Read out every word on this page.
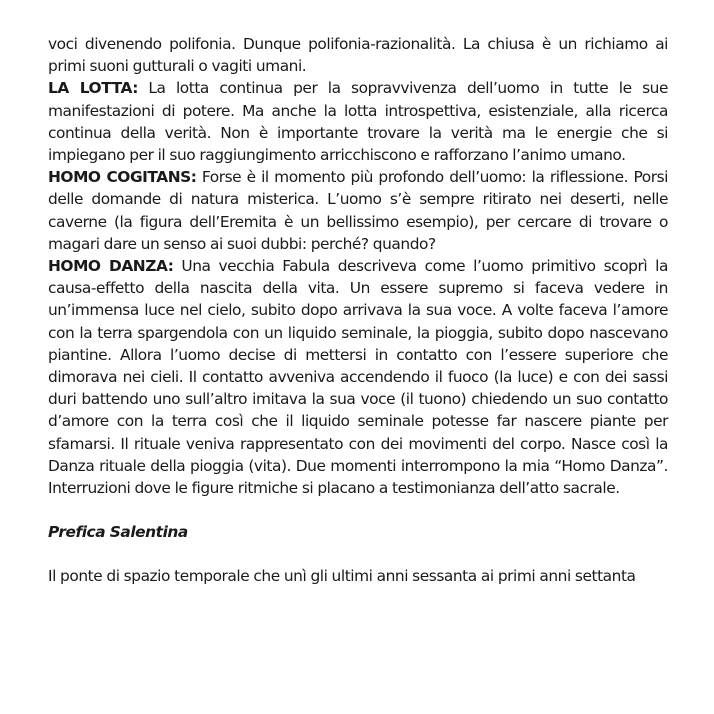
voci divenendo polifonia. Dunque polifonia-razionalità. La chiusa è un richiamo ai primi suoni gutturali o vagiti umani.

LA LOTTA: La lotta continua per la sopravvivenza dell’uomo in tutte le sue manifestazioni di potere. Ma anche la lotta introspettiva, esistenziale, alla ricerca continua della verità. Non è importante trovare la verità ma le energie che si impiegano per il suo raggiungimento arricchiscono e rafforzano l’animo umano.

HOMO COGITANS: Forse è il momento più profondo dell’uomo: la riflessione. Porsi delle domande di natura misterica. L’uomo s’è sempre ritirato nei deserti, nelle caverne (la figura dell’Eremita è un bellissimo esempio), per cercare di trovare o magari dare un senso ai suoi dubbi: perché? quando?

HOMO DANZA: Una vecchia Fabula descriveva come l’uomo primitivo scoprì la causa-effetto della nascita della vita. Un essere supremo si faceva vedere in un’immensa luce nel cielo, subito dopo arrivava la sua voce. A volte faceva l’amore con la terra spargendola con un liquido seminale, la pioggia, subito dopo nascevano piantine. Allora l’uomo decise di mettersi in contatto con l’essere superiore che dimorava nei cieli. Il contatto avveniva accendendo il fuoco (la luce) e con dei sassi duri battendo uno sull’altro imitava la sua voce (il tuono) chiedendo un suo contatto d’amore con la terra così che il liquido seminale potesse far nascere piante per sfamarsi. Il rituale veniva rappresentato con dei movimenti del corpo. Nasce così la Danza rituale della pioggia (vita). Due momenti interrompono la mia “Homo Danza”. Interruzioni dove le figure ritmiche si placano a testimonianza dell’atto sacrale.

Prefica Salentina

Il ponte di spazio temporale che unì gli ultimi anni sessanta ai primi anni settanta
